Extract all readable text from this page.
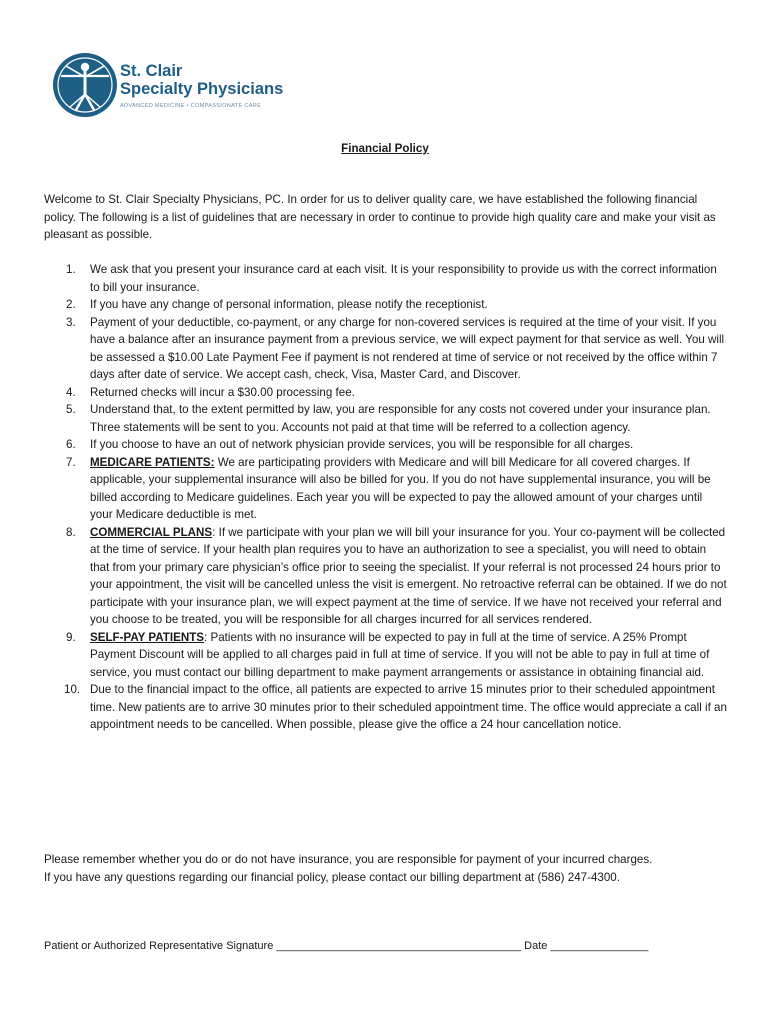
St. Clair
Specialty Physicians
ADVANCED MEDICINE • COMPASSIONATE CARE
Financial Policy
Welcome to St. Clair Specialty Physicians, PC. In order for us to deliver quality care, we have established the following financial policy. The following is a list of guidelines that are necessary in order to continue to provide high quality care and make your visit as pleasant as possible.
1. We ask that you present your insurance card at each visit. It is your responsibility to provide us with the correct information to bill your insurance.
2. If you have any change of personal information, please notify the receptionist.
3. Payment of your deductible, co-payment, or any charge for non-covered services is required at the time of your visit. If you have a balance after an insurance payment from a previous service, we will expect payment for that service as well. You will be assessed a $10.00 Late Payment Fee if payment is not rendered at time of service or not received by the office within 7 days after date of service. We accept cash, check, Visa, Master Card, and Discover.
4. Returned checks will incur a $30.00 processing fee.
5. Understand that, to the extent permitted by law, you are responsible for any costs not covered under your insurance plan. Three statements will be sent to you. Accounts not paid at that time will be referred to a collection agency.
6. If you choose to have an out of network physician provide services, you will be responsible for all charges.
7. MEDICARE PATIENTS: We are participating providers with Medicare and will bill Medicare for all covered charges. If applicable, your supplemental insurance will also be billed for you. If you do not have supplemental insurance, you will be billed according to Medicare guidelines. Each year you will be expected to pay the allowed amount of your charges until your Medicare deductible is met.
8. COMMERCIAL PLANS: If we participate with your plan we will bill your insurance for you. Your co-payment will be collected at the time of service. If your health plan requires you to have an authorization to see a specialist, you will need to obtain that from your primary care physician’s office prior to seeing the specialist. If your referral is not processed 24 hours prior to your appointment, the visit will be cancelled unless the visit is emergent. No retroactive referral can be obtained. If we do not participate with your insurance plan, we will expect payment at the time of service. If we have not received your referral and you choose to be treated, you will be responsible for all charges incurred for all services rendered.
9. SELF-PAY PATIENTS: Patients with no insurance will be expected to pay in full at the time of service. A 25% Prompt Payment Discount will be applied to all charges paid in full at time of service. If you will not be able to pay in full at time of service, you must contact our billing department to make payment arrangements or assistance in obtaining financial aid.
10. Due to the financial impact to the office, all patients are expected to arrive 15 minutes prior to their scheduled appointment time. New patients are to arrive 30 minutes prior to their scheduled appointment time. The office would appreciate a call if an appointment needs to be cancelled. When possible, please give the office a 24 hour cancellation notice.
Please remember whether you do or do not have insurance, you are responsible for payment of your incurred charges.
If you have any questions regarding our financial policy, please contact our billing department at (586) 247-4300.
Patient or Authorized Representative Signature ________________________________________ Date ________________
